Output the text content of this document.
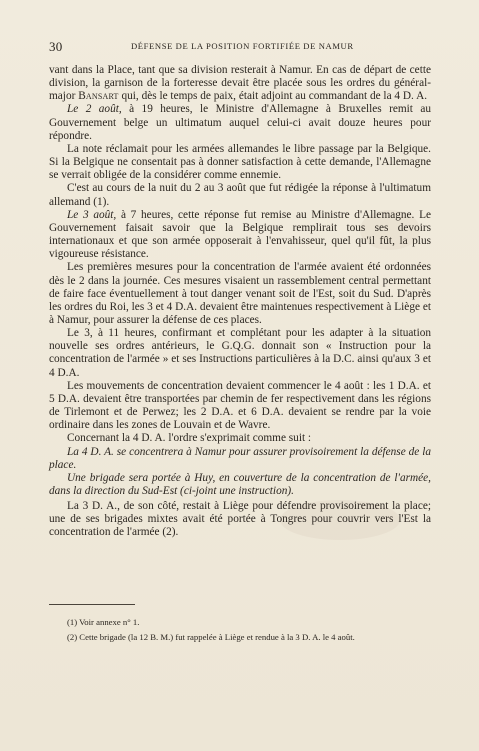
30	DÉFENSE DE LA POSITION FORTIFIÉE DE NAMUR

vant dans la Place, tant que sa division resterait à Namur. En cas de départ de cette division, la garnison de la forteresse devait être placée sous les ordres du général-major Bansart qui, dès le temps de paix, était adjoint au commandant de la 4 D. A.

Le 2 août, à 19 heures, le Ministre d'Allemagne à Bruxelles remit au Gouvernement belge un ultimatum auquel celui-ci avait douze heures pour répondre.

La note réclamait pour les armées allemandes le libre passage par la Belgique. Si la Belgique ne consentait pas à donner satisfaction à cette demande, l'Allemagne se verrait obligée de la considérer comme ennemie.

C'est au cours de la nuit du 2 au 3 août que fut rédigée la réponse à l'ultimatum allemand (1).

Le 3 août, à 7 heures, cette réponse fut remise au Ministre d'Allemagne. Le Gouvernement faisait savoir que la Belgique remplirait tous ses devoirs internationaux et que son armée opposerait à l'envahisseur, quel qu'il fût, la plus vigoureuse résistance.

Les premières mesures pour la concentration de l'armée avaient été ordonnées dès le 2 dans la journée. Ces mesures visaient un rassemblement central permettant de faire face éventuellement à tout danger venant soit de l'Est, soit du Sud. D'après les ordres du Roi, les 3 et 4 D.A. devaient être maintenues respectivement à Liège et à Namur, pour assurer la défense de ces places.

Le 3, à 11 heures, confirmant et complétant pour les adapter à la situation nouvelle ses ordres antérieurs, le G.Q.G. donnait son « Instruction pour la concentration de l'armée » et ses Instructions particulières à la D.C. ainsi qu'aux 3 et 4 D.A.

Les mouvements de concentration devaient commencer le 4 août : les 1 D.A. et 5 D.A. devaient être transportées par chemin de fer respectivement dans les régions de Tirlemont et de Perwez; les 2 D.A. et 6 D.A. devaient se rendre par la voie ordinaire dans les zones de Louvain et de Wavre.

Concernant la 4 D. A. l'ordre s'exprimait comme suit :

La 4 D. A. se concentrera à Namur pour assurer provisoirement la défense de la place.

Une brigade sera portée à Huy, en couverture de la concentration de l'armée, dans la direction du Sud-Est (ci-joint une instruction).

La 3 D. A., de son côté, restait à Liège pour défendre provisoirement la place; une de ses brigades mixtes avait été portée à Tongres pour couvrir vers l'Est la concentration de l'armée (2).

(1) Voir annexe n° 1.

(2) Cette brigade (la 12 B. M.) fut rappelée à Liège et rendue à la 3 D. A. le 4 août.
